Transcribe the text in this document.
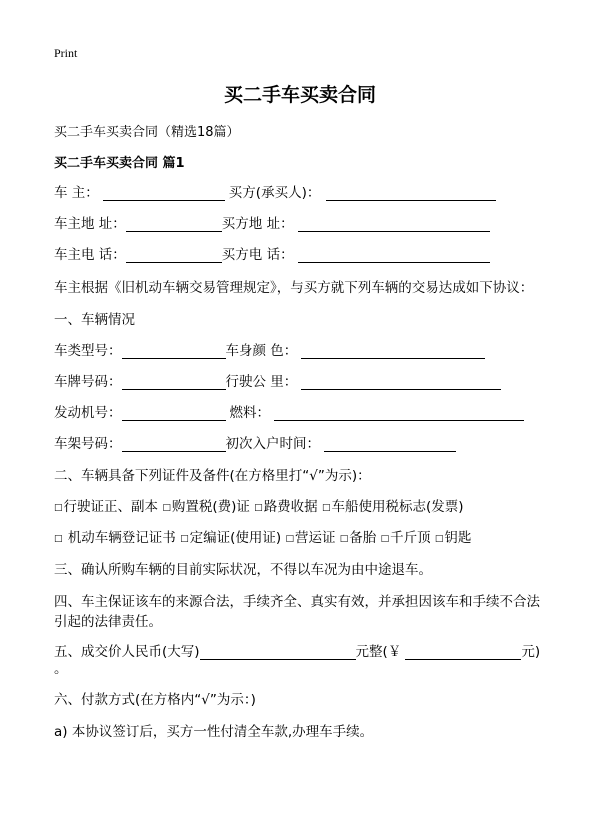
Print
买二手车买卖合同
买二手车买卖合同（精选18篇）
买二手车买卖合同 篇1
车 主：	买方(承买人)：
车主地 址：	买方地 址：
车主电 话：	买方电 话：
车主根据《旧机动车辆交易管理规定》，与买方就下列车辆的交易达成如下协议：
一、车辆情况
车类型号：	车身颜 色：
车牌号码：	行驶公 里：
发动机号：	燃料：
车架号码：	初次入户时间：
二、车辆具备下列证件及备件(在方格里打“√”为示)：
□行驶证正、副本 □购置税(费)证 □路费收据 □车船使用税标志(发票)
□ 机动车辆登记证书 □定编证(使用证) □营运证 □备胎 □千斤顶 □钥匙
三、确认所购车辆的目前实际状况，不得以车况为由中途退车。
四、车主保证该车的来源合法，手续齐全、真实有效，并承担因该车和手续不合法
引起的法律责任。
五、成交价人民币(大写)	元整(￥	元)
。
六、付款方式(在方格内“√”为示：)
a) 本协议签订后，买方一性付清全车款,办理车手续。
